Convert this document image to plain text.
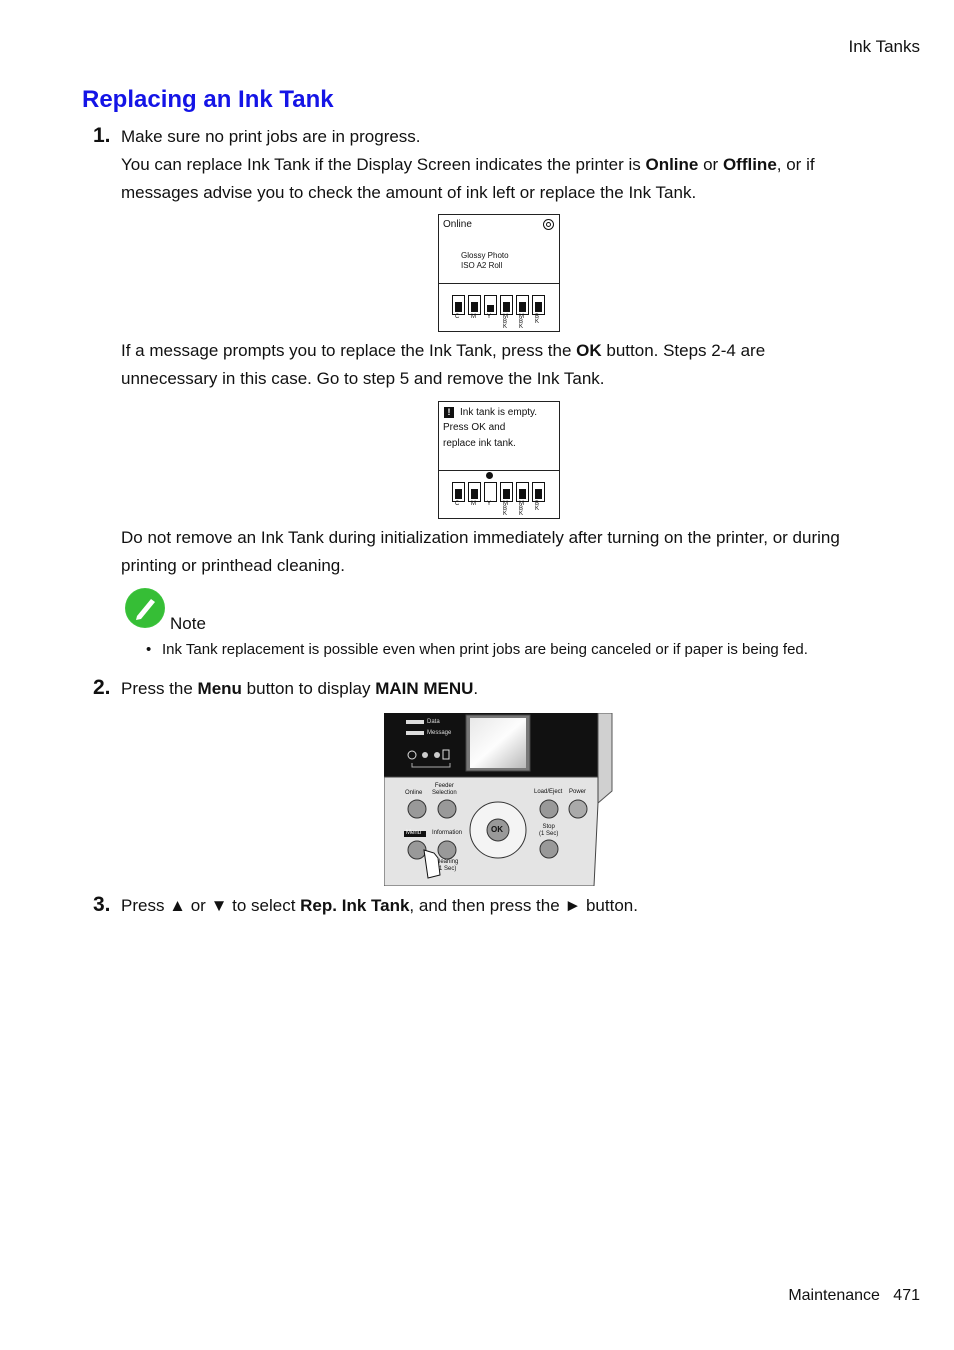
Ink Tanks
Replacing an Ink Tank
1. Make sure no print jobs are in progress.
You can replace Ink Tank if the Display Screen indicates the printer is Online or Offline, or if
messages advise you to check the amount of ink left or replace the Ink Tank.
Online
Glossy Photo
ISO A2 Roll
C M Y	M
B
K
M
B
K
B
K
If a message prompts you to replace the Ink Tank, press the OK button. Steps 2-4 are
unnecessary in this case. Go to step 5 and remove the Ink Tank.
! Ink tank is empty.
Press OK and
replace ink tank.
C M Y	M
B
K
M
B
K
B
K
Do not remove an Ink Tank during initialization immediately after turning on the printer, or during
printing or printhead cleaning.
Note
• Ink Tank replacement is possible even when print jobs are being canceled or if paper is being fed.
2. Press the Menu button to display MAIN MENU.
Data
Message
Online
Feeder
Selection	Load/Eject Power
Menu Information	OK	Stop
(1 Sec)
leaning
1 Sec)
3. Press ▲ or ▼ to select Rep. Ink Tank, and then press the ► button.
Maintenance 471
